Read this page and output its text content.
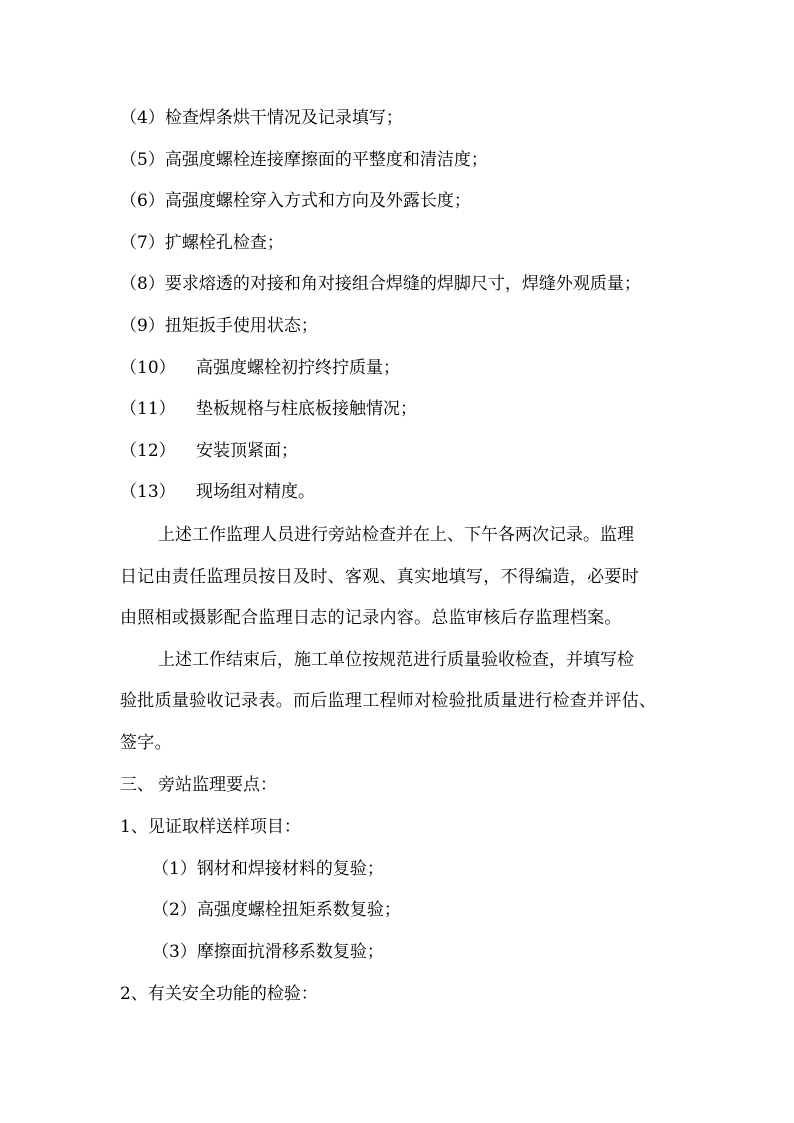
（4）检查焊条烘干情况及记录填写；
（5）高强度螺栓连接摩擦面的平整度和清洁度；
（6）高强度螺栓穿入方式和方向及外露长度；
（7）扩螺栓孔检查；
（8）要求熔透的对接和角对接组合焊缝的焊脚尺寸，焊缝外观质量；
（9）扭矩扳手使用状态；
（10） 高强度螺栓初拧终拧质量；
（11） 垫板规格与柱底板接触情况；
（12） 安装顶紧面；
（13） 现场组对精度。
上述工作监理人员进行旁站检查并在上、下午各两次记录。监理
日记由责任监理员按日及时、客观、真实地填写，不得编造，必要时
由照相或摄影配合监理日志的记录内容。总监审核后存监理档案。
上述工作结束后，施工单位按规范进行质量验收检查，并填写检
验批质量验收记录表。而后监理工程师对检验批质量进行检查并评估、
签字。
三、 旁站监理要点：
1、见证取样送样项目：
（1）钢材和焊接材料的复验；
（2）高强度螺栓扭矩系数复验；
（3）摩擦面抗滑移系数复验；
2、有关安全功能的检验：
